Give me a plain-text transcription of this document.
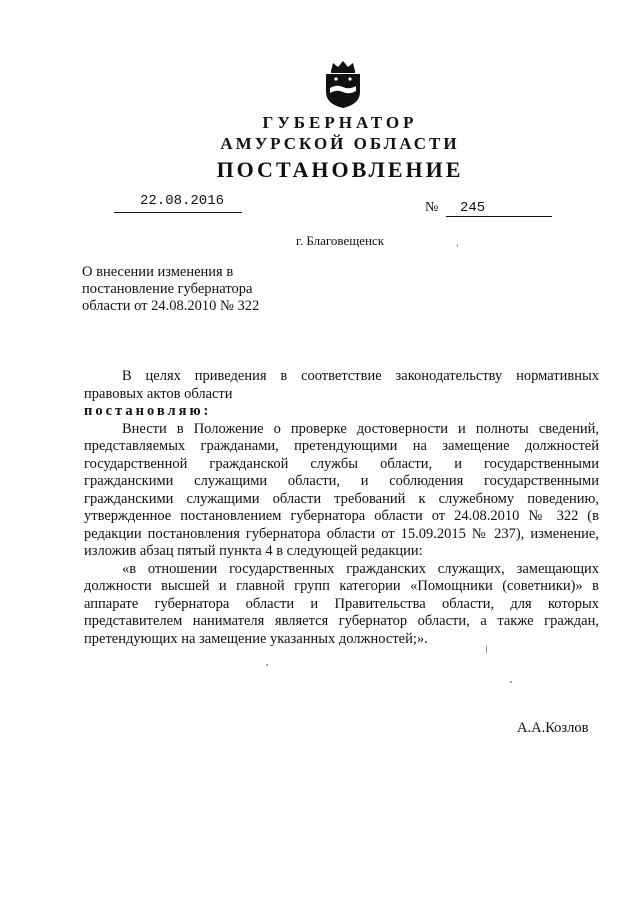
ГУБЕРНАТОР
АМУРСКОЙ ОБЛАСТИ
ПОСТАНОВЛЕНИЕ
22.08.2016	№ 245
г. Благовещенск
О внесении изменения в
постановление губернатора
области от 24.08.2010 № 322

В целях приведения в соответствие законодательству нормативных правовых актов области

постановляю:

Внести в Положение о проверке достоверности и полноты сведений, представляемых гражданами, претендующими на замещение должностей государственной гражданской службы области, и государственными гражданскими служащими области, и соблюдения государственными гражданскими служащими области требований к служебному поведению, утвержденное постановлением губернатора области от 24.08.2010 № 322 (в редакции постановления губернатора области от 15.09.2015 № 237), изменение, изложив абзац пятый пункта 4 в следующей редакции:

«в отношении государственных гражданских служащих, замещающих должности высшей и главной групп категории «Помощники (советники)» в аппарате губернатора области и Правительства области, для которых представителем нанимателя является губернатор области, а также граждан, претендующих на замещение указанных должностей;».

А.А.Козлов
